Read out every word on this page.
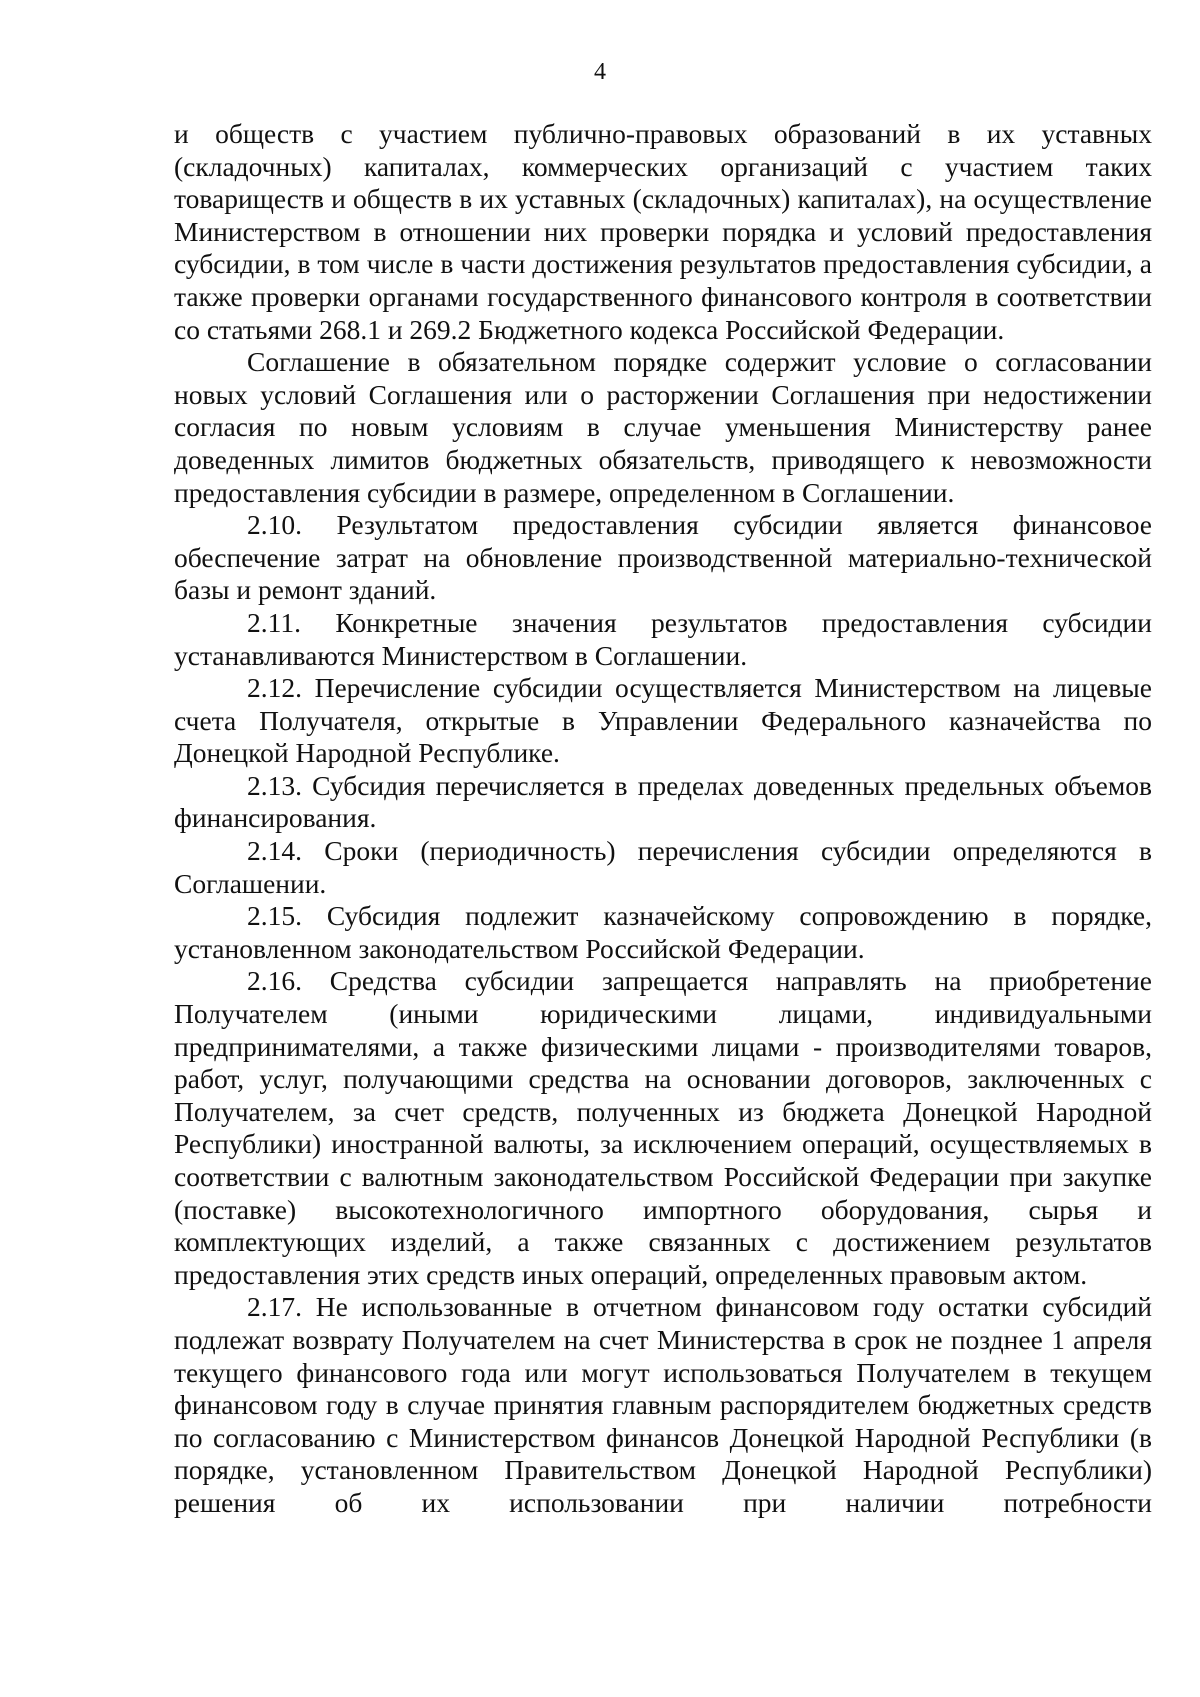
4

и обществ с участием публично-правовых образований в их уставных (складочных) капиталах, коммерческих организаций с участием таких товариществ и обществ в их уставных (складочных) капиталах), на осуществление Министерством в отношении них проверки порядка и условий предоставления субсидии, в том числе в части достижения результатов предоставления субсидии, а также проверки органами государственного финансового контроля в соответствии со статьями 268.1 и 269.2 Бюджетного кодекса Российской Федерации.

Соглашение в обязательном порядке содержит условие о согласовании новых условий Соглашения или о расторжении Соглашения при недостижении согласия по новым условиям в случае уменьшения Министерству ранее доведенных лимитов бюджетных обязательств, приводящего к невозможности предоставления субсидии в размере, определенном в Соглашении.

2.10. Результатом предоставления субсидии является финансовое обеспечение затрат на обновление производственной материально-технической базы и ремонт зданий.

2.11. Конкретные значения результатов предоставления субсидии устанавливаются Министерством в Соглашении.

2.12. Перечисление субсидии осуществляется Министерством на лицевые счета Получателя, открытые в Управлении Федерального казначейства по Донецкой Народной Республике.

2.13. Субсидия перечисляется в пределах доведенных предельных объемов финансирования.

2.14. Сроки (периодичность) перечисления субсидии определяются в Соглашении.

2.15. Субсидия подлежит казначейскому сопровождению в порядке, установленном законодательством Российской Федерации.

2.16. Средства субсидии запрещается направлять на приобретение Получателем (иными юридическими лицами, индивидуальными предпринимателями, а также физическими лицами - производителями товаров, работ, услуг, получающими средства на основании договоров, заключенных с Получателем, за счет средств, полученных из бюджета Донецкой Народной Республики) иностранной валюты, за исключением операций, осуществляемых в соответствии с валютным законодательством Российской Федерации при закупке (поставке) высокотехнологичного импортного оборудования, сырья и комплектующих изделий, а также связанных с достижением результатов предоставления этих средств иных операций, определенных правовым актом.

2.17. Не использованные в отчетном финансовом году остатки субсидий подлежат возврату Получателем на счет Министерства в срок не позднее 1 апреля текущего финансового года или могут использоваться Получателем в текущем финансовом году в случае принятия главным распорядителем бюджетных средств по согласованию с Министерством финансов Донецкой Народной Республики (в порядке, установленном Правительством Донецкой Народной Республики) решения об их использовании при наличии потребности
